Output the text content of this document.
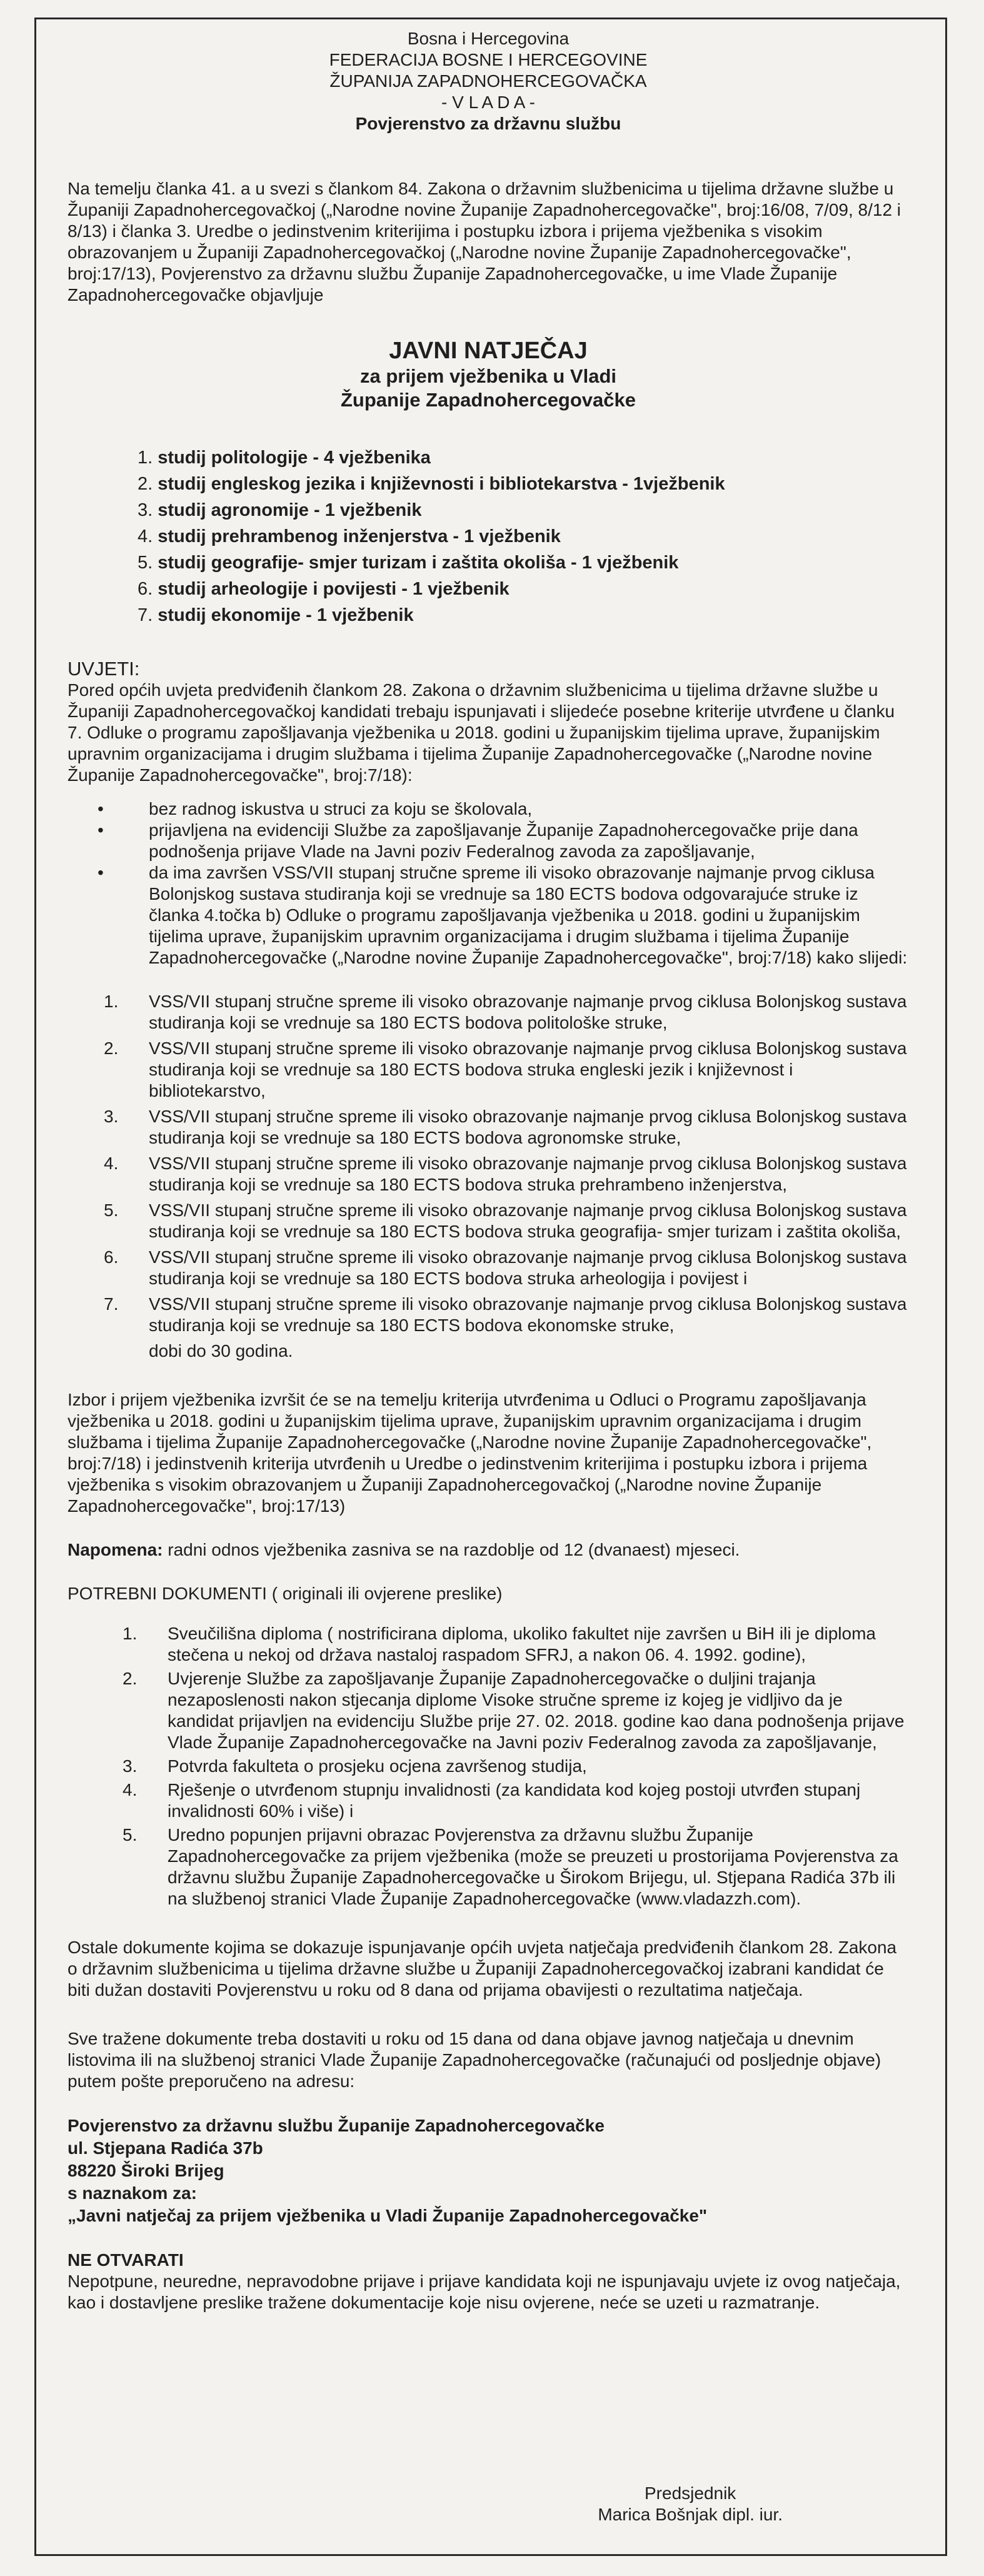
Bosna i Hercegovina
FEDERACIJA BOSNE I HERCEGOVINE
ŽUPANIJA ZAPADNOHERCEGOVAČKA
- V L A D A -
Povjerenstvo za državnu službu
Na temelju članka 41. a u svezi s člankom 84. Zakona o državnim službenicima u tijelima državne službe u Županiji Zapadnohercegovačkoj („Narodne novine Županije Zapadnohercegovačke", broj:16/08, 7/09, 8/12 i 8/13) i članka 3. Uredbe o jedinstvenim kriterijima i postupku izbora i prijema vježbenika s visokim obrazovanjem u Županiji Zapadnohercegovačkoj („Narodne novine Županije Zapadnohercegovačke", broj:17/13), Povjerenstvo za državnu službu Županije Zapadnohercegovačke, u ime Vlade Županije Zapadnohercegovačke objavljuje
JAVNI NATJEČAJ
za prijem vježbenika u Vladi
Županije Zapadnohercegovačke
1. studij politologije - 4 vježbenika
2. studij engleskog jezika i književnosti i bibliotekarstva - 1vježbenik
3. studij agronomije - 1 vježbenik
4. studij prehrambenog inženjerstva - 1 vježbenik
5. studij geografije- smjer turizam i zaštita okoliša - 1 vježbenik
6. studij arheologije i povijesti - 1 vježbenik
7. studij ekonomije - 1 vježbenik
UVJETI:
Pored općih uvjeta predviđenih člankom 28. Zakona o državnim službenicima u tijelima državne službe u Županiji Zapadnohercegovačkoj kandidati trebaju ispunjavati i slijedeće posebne kriterije utvrđene u članku 7. Odluke o programu zapošljavanja vježbenika u 2018. godini u županijskim tijelima uprave, županijskim upravnim organizacijama i drugim službama i tijelima Županije Zapadnohercegovačke („Narodne novine Županije Zapadnohercegovačke", broj:7/18):
• bez radnog iskustva u struci za koju se školovala,
• prijavljena na evidenciji Službe za zapošljavanje Županije Zapadnohercegovačke prije dana podnošenja prijave Vlade na Javni poziv Federalnog zavoda za zapošljavanje,
• da ima završen VSS/VII stupanj stručne spreme ili visoko obrazovanje najmanje prvog ciklusa Bolonjskog sustava studiranja koji se vrednuje sa 180 ECTS bodova odgovarajuće struke iz članka 4.točka b) Odluke o programu zapošljavanja vježbenika u 2018. godini u županijskim tijelima uprave, županijskim upravnim organizacijama i drugim službama i tijelima Županije Zapadnohercegovačke („Narodne novine Županije Zapadnohercegovačke", broj:7/18) kako slijedi:
1. VSS/VII stupanj stručne spreme ili visoko obrazovanje najmanje prvog ciklusa Bolonjskog sustava studiranja koji se vrednuje sa 180 ECTS bodova politološke struke,
2. VSS/VII stupanj stručne spreme ili visoko obrazovanje najmanje prvog ciklusa Bolonjskog sustava studiranja koji se vrednuje sa 180 ECTS bodova struka engleski jezik i književnost i bibliotekarstvo,
3. VSS/VII stupanj stručne spreme ili visoko obrazovanje najmanje prvog ciklusa Bolonjskog sustava studiranja koji se vrednuje sa 180 ECTS bodova agronomske struke,
4. VSS/VII stupanj stručne spreme ili visoko obrazovanje najmanje prvog ciklusa Bolonjskog sustava studiranja koji se vrednuje sa 180 ECTS bodova struka prehrambeno inženjerstva,
5. VSS/VII stupanj stručne spreme ili visoko obrazovanje najmanje prvog ciklusa Bolonjskog sustava studiranja koji se vrednuje sa 180 ECTS bodova struka geografija- smjer turizam i zaštita okoliša,
6. VSS/VII stupanj stručne spreme ili visoko obrazovanje najmanje prvog ciklusa Bolonjskog sustava studiranja koji se vrednuje sa 180 ECTS bodova struka arheologija i povijest i
7. VSS/VII stupanj stručne spreme ili visoko obrazovanje najmanje prvog ciklusa Bolonjskog sustava studiranja koji se vrednuje sa 180 ECTS bodova ekonomske struke,
dobi do 30 godina.
Izbor i prijem vježbenika izvršit će se na temelju kriterija utvrđenima u Odluci o Programu zapošljavanja vježbenika u 2018. godini u županijskim tijelima uprave, županijskim upravnim organizacijama i drugim službama i tijelima Županije Zapadnohercegovačke („Narodne novine Županije Zapadnohercegovačke", broj:7/18) i jedinstvenih kriterija utvrđenih u Uredbe o jedinstvenim kriterijima i postupku izbora i prijema vježbenika s visokim obrazovanjem u Županiji Zapadnohercegovačkoj („Narodne novine Županije Zapadnohercegovačke", broj:17/13)
Napomena: radni odnos vježbenika zasniva se na razdoblje od 12 (dvanaest) mjeseci.
POTREBNI DOKUMENTI ( originali ili ovjerene preslike)
1. Sveučilišna diploma ( nostrificirana diploma, ukoliko fakultet nije završen u BiH ili je diploma stečena u nekoj od država nastaloj raspadom SFRJ, a nakon 06. 4. 1992. godine),
2. Uvjerenje Službe za zapošljavanje Županije Zapadnohercegovačke o duljini trajanja nezaposlenosti nakon stjecanja diplome Visoke stručne spreme iz kojeg je vidljivo da je kandidat prijavljen na evidenciju Službe prije 27. 02. 2018. godine kao dana podnošenja prijave Vlade Županije Zapadnohercegovačke na Javni poziv Federalnog zavoda za zapošljavanje,
3. Potvrda fakulteta o prosjeku ocjena završenog studija,
4. Rješenje o utvrđenom stupnju invalidnosti (za kandidata kod kojeg postoji utvrđen stupanj invalidnosti 60% i više) i
5. Uredno popunjen prijavni obrazac Povjerenstva za državnu službu Županije Zapadnohercegovačke za prijem vježbenika (može se preuzeti u prostorijama Povjerenstva za državnu službu Županije Zapadnohercegovačke u Širokom Brijegu, ul. Stjepana Radića 37b ili na službenoj stranici Vlade Županije Zapadnohercegovačke (www.vladazzh.com).
Ostale dokumente kojima se dokazuje ispunjavanje općih uvjeta natječaja predviđenih člankom 28. Zakona o državnim službenicima u tijelima državne službe u Županiji Zapadnohercegovačkoj izabrani kandidat će biti dužan dostaviti Povjerenstvu u roku od 8 dana od prijama obavijesti o rezultatima natječaja.
Sve tražene dokumente treba dostaviti u roku od 15 dana od dana objave javnog natječaja u dnevnim listovima ili na službenoj stranici Vlade Županije Zapadnohercegovačke (računajući od posljednje objave) putem pošte preporučeno na adresu:
Povjerenstvo za državnu službu Županije Zapadnohercegovačke
ul. Stjepana Radića 37b
88220 Široki Brijeg
s naznakom za:
„Javni natječaj za prijem vježbenika u Vladi Županije Zapadnohercegovačke"
NE OTVARATI
Nepotpune, neuredne, nepravodobne prijave i prijave kandidata koji ne ispunjavaju uvjete iz ovog natječaja, kao i dostavljene preslike tražene dokumentacije koje nisu ovjerene, neće se uzeti u razmatranje.
Predsjednik
Marica Bošnjak dipl. iur.
